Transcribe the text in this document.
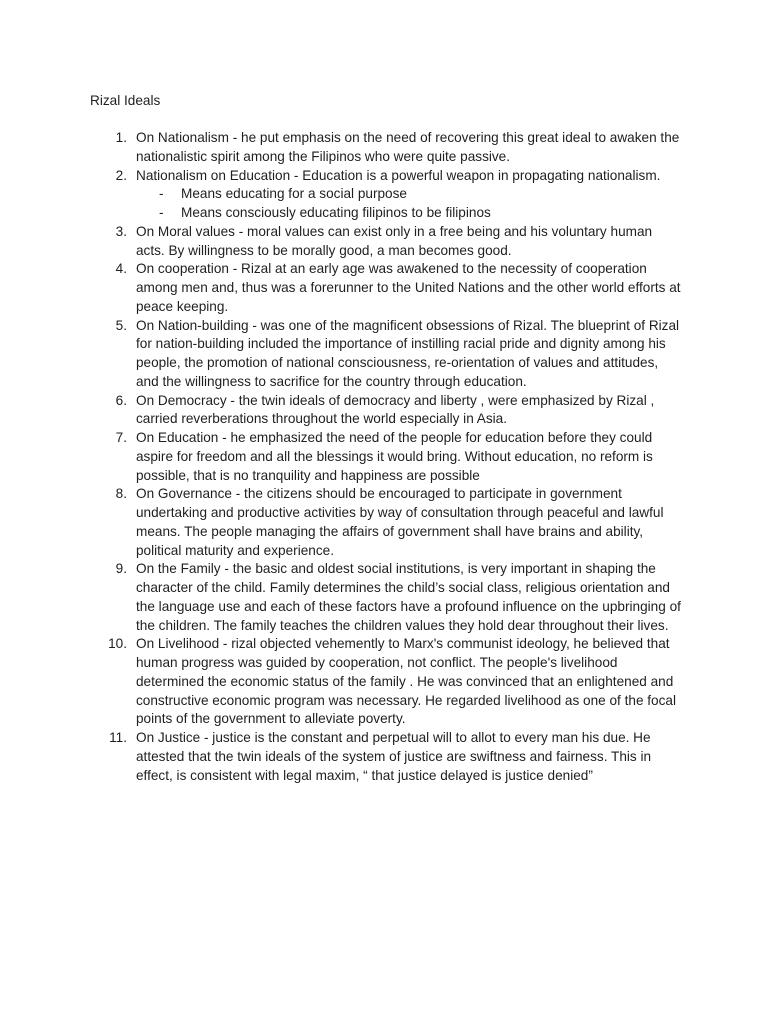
Rizal Ideals
1. On Nationalism - he put emphasis on the need of recovering this great ideal to awaken the nationalistic spirit among the Filipinos who were quite passive.
2. Nationalism on Education - Education is a powerful weapon in propagating nationalism.
- Means educating for a social purpose
- Means consciously educating filipinos to be filipinos
3. On Moral values - moral values can exist only in a free being and his voluntary human acts. By willingness to be morally good, a man becomes good.
4. On cooperation - Rizal at an early age was awakened to the necessity of cooperation among men and, thus was a forerunner to the United Nations and the other world efforts at peace keeping.
5. On Nation-building - was one of the magnificent obsessions of Rizal. The blueprint of Rizal for nation-building included the importance of instilling racial pride and dignity among his people, the promotion of national consciousness, re-orientation of values and attitudes, and the willingness to sacrifice for the country through education.
6. On Democracy - the twin ideals of democracy and liberty , were emphasized by Rizal , carried reverberations throughout the world especially in Asia.
7. On Education - he emphasized the need of the people for education before they could aspire for freedom and all the blessings it would bring. Without education, no reform is possible, that is no tranquility and happiness are possible
8. On Governance - the citizens should be encouraged to participate in government undertaking and productive activities by way of consultation through peaceful and lawful means. The people managing the affairs of government shall have brains and ability, political maturity and experience.
9. On the Family - the basic and oldest social institutions, is very important in shaping the character of the child. Family determines the child’s social class, religious orientation and the language use and each of these factors have a profound influence on the upbringing of the children. The family teaches the children values they hold dear throughout their lives.
10. On Livelihood - rizal objected vehemently to Marx's communist ideology, he believed that human progress was guided by cooperation, not conflict. The people's livelihood determined the economic status of the family . He was convinced that an enlightened and constructive economic program was necessary. He regarded livelihood as one of the focal points of the government to alleviate poverty.
11. On Justice - justice is the constant and perpetual will to allot to every man his due. He attested that the twin ideals of the system of justice are swiftness and fairness. This in effect, is consistent with legal maxim, “ that justice delayed is justice denied”
